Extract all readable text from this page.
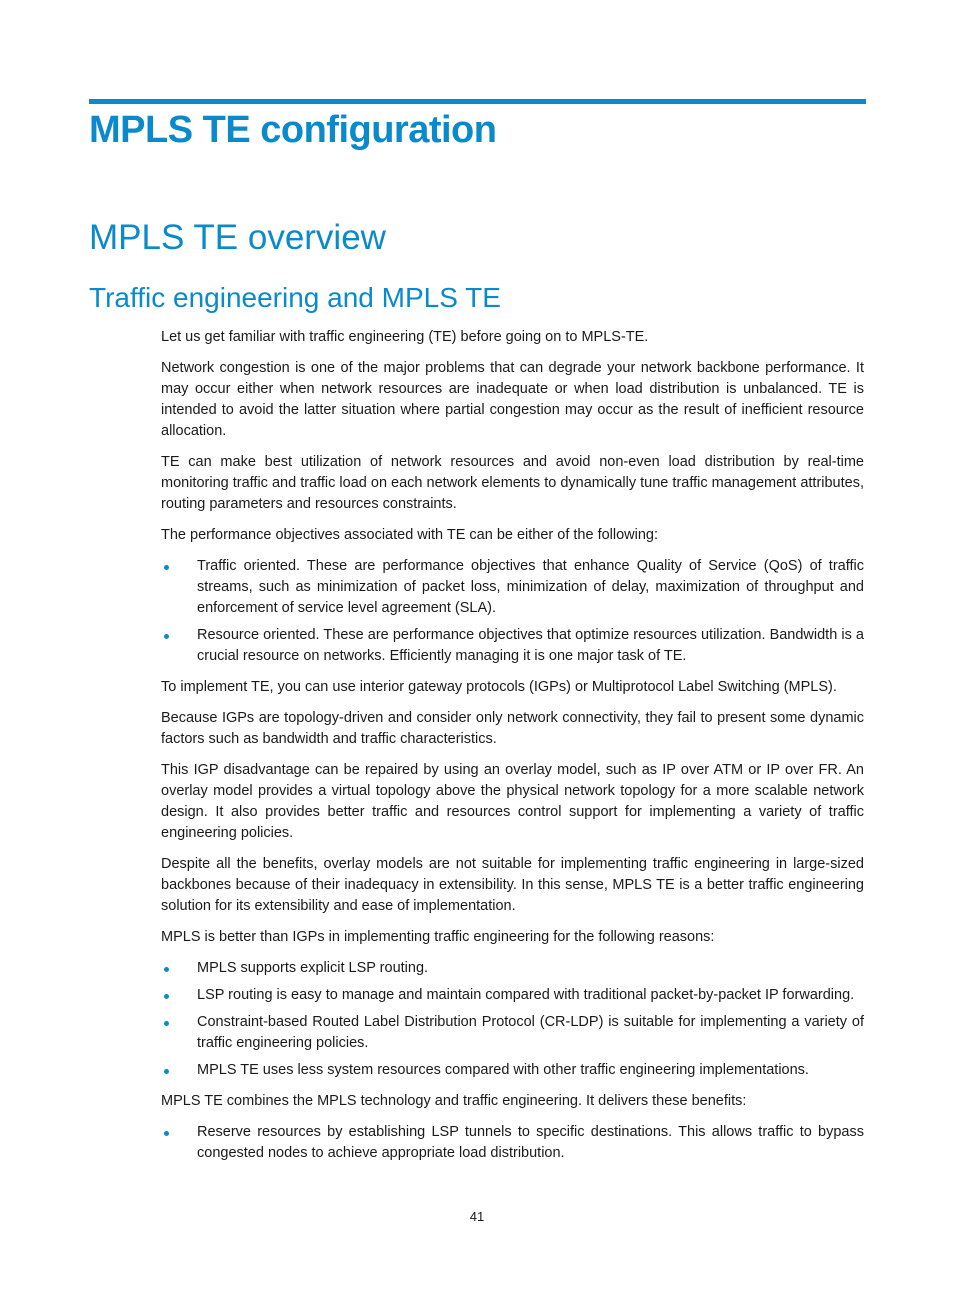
MPLS TE configuration
MPLS TE overview
Traffic engineering and MPLS TE

Let us get familiar with traffic engineering (TE) before going on to MPLS-TE.

Network congestion is one of the major problems that can degrade your network backbone performance. It may occur either when network resources are inadequate or when load distribution is unbalanced. TE is intended to avoid the latter situation where partial congestion may occur as the result of inefficient resource allocation.

TE can make best utilization of network resources and avoid non-even load distribution by real-time monitoring traffic and traffic load on each network elements to dynamically tune traffic management attributes, routing parameters and resources constraints.

The performance objectives associated with TE can be either of the following:

Traffic oriented. These are performance objectives that enhance Quality of Service (QoS) of traffic streams, such as minimization of packet loss, minimization of delay, maximization of throughput and enforcement of service level agreement (SLA).
Resource oriented. These are performance objectives that optimize resources utilization. Bandwidth is a crucial resource on networks. Efficiently managing it is one major task of TE.

To implement TE, you can use interior gateway protocols (IGPs) or Multiprotocol Label Switching (MPLS).

Because IGPs are topology-driven and consider only network connectivity, they fail to present some dynamic factors such as bandwidth and traffic characteristics.

This IGP disadvantage can be repaired by using an overlay model, such as IP over ATM or IP over FR. An overlay model provides a virtual topology above the physical network topology for a more scalable network design. It also provides better traffic and resources control support for implementing a variety of traffic engineering policies.

Despite all the benefits, overlay models are not suitable for implementing traffic engineering in large-sized backbones because of their inadequacy in extensibility. In this sense, MPLS TE is a better traffic engineering solution for its extensibility and ease of implementation.

MPLS is better than IGPs in implementing traffic engineering for the following reasons:

MPLS supports explicit LSP routing.
LSP routing is easy to manage and maintain compared with traditional packet-by-packet IP forwarding.
Constraint-based Routed Label Distribution Protocol (CR-LDP) is suitable for implementing a variety of traffic engineering policies.
MPLS TE uses less system resources compared with other traffic engineering implementations.

MPLS TE combines the MPLS technology and traffic engineering. It delivers these benefits:

Reserve resources by establishing LSP tunnels to specific destinations. This allows traffic to bypass congested nodes to achieve appropriate load distribution.
41
